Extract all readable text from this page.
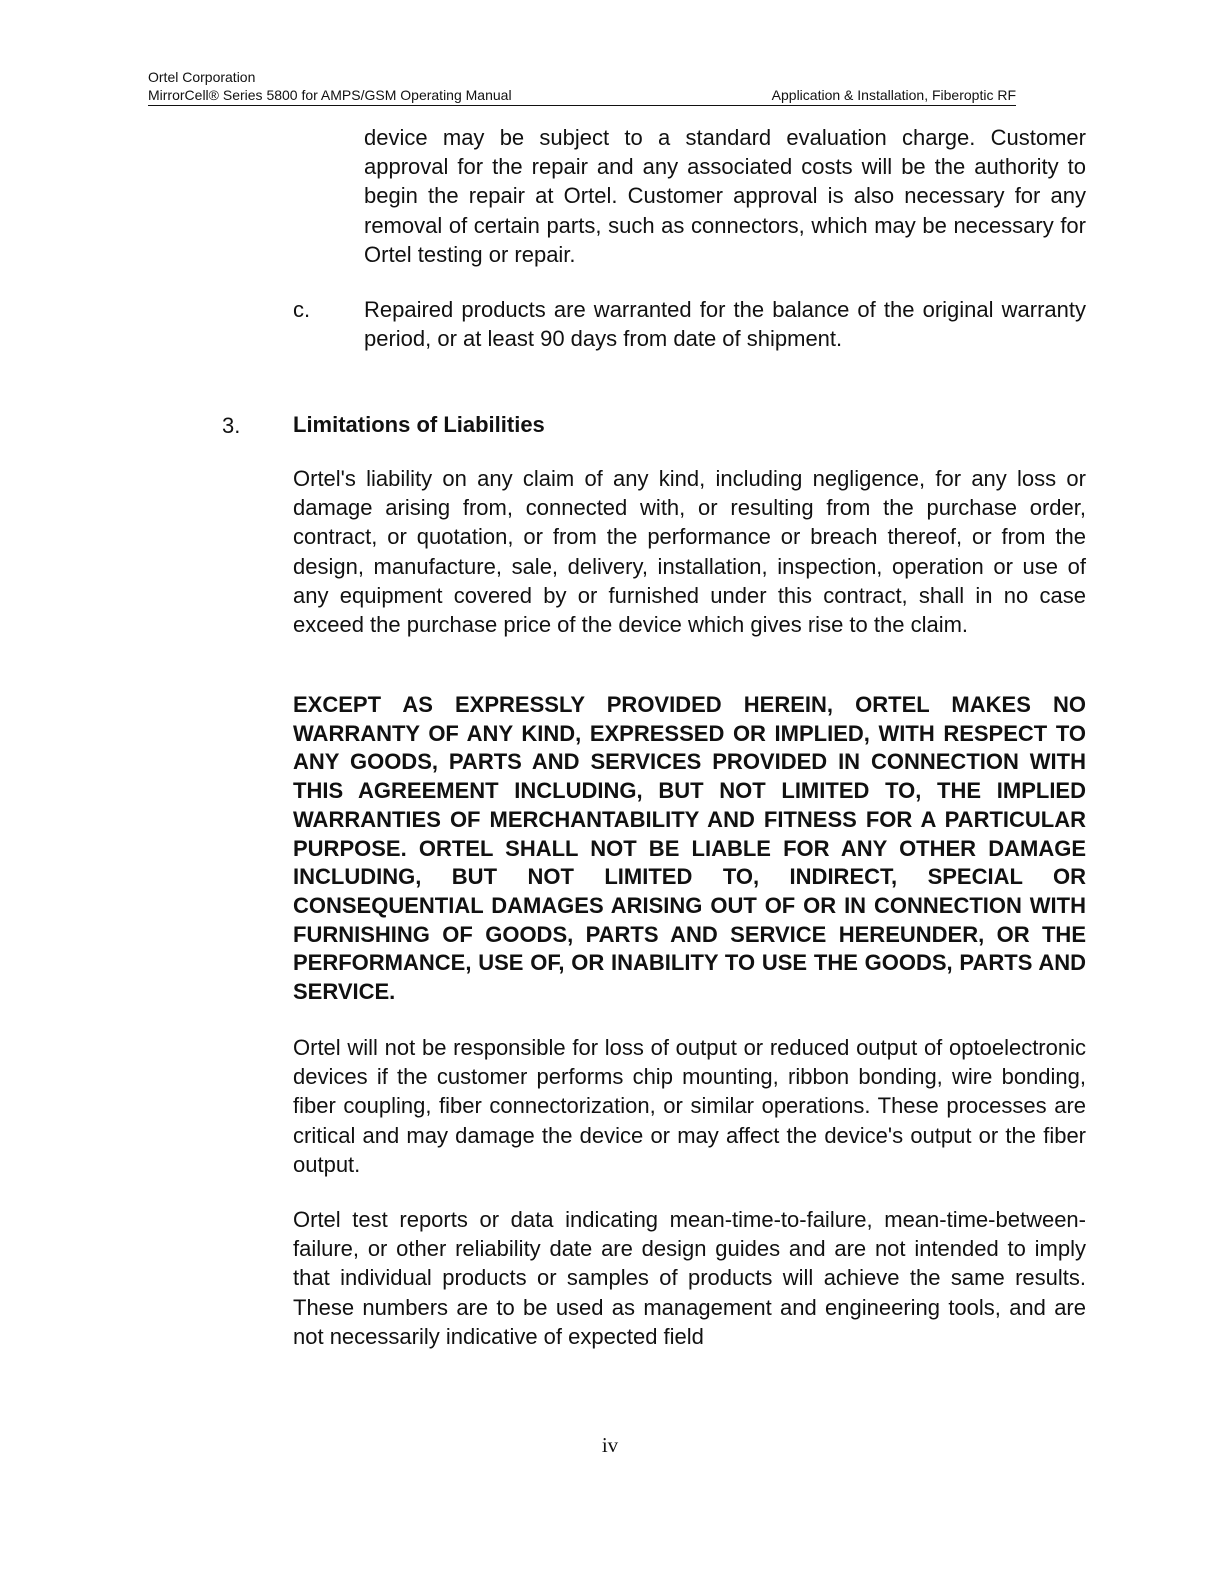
Ortel Corporation
MirrorCell® Series 5800 for AMPS/GSM Operating Manual	Application & Installation, Fiberoptic RF

device may be subject to a standard evaluation charge. Customer approval for the repair and any associated costs will be the authority to begin the repair at Ortel. Customer approval is also necessary for any removal of certain parts, such as connectors, which may be necessary for Ortel testing or repair.

c. Repaired products are warranted for the balance of the original warranty period, or at least 90 days from date of shipment.

3. Limitations of Liabilities

Ortel's liability on any claim of any kind, including negligence, for any loss or damage arising from, connected with, or resulting from the purchase order, contract, or quotation, or from the performance or breach thereof, or from the design, manufacture, sale, delivery, installation, inspection, operation or use of any equipment covered by or furnished under this contract, shall in no case exceed the purchase price of the device which gives rise to the claim.

EXCEPT AS EXPRESSLY PROVIDED HEREIN, ORTEL MAKES NO WARRANTY OF ANY KIND, EXPRESSED OR IMPLIED, WITH RESPECT TO ANY GOODS, PARTS AND SERVICES PROVIDED IN CONNECTION WITH THIS AGREEMENT INCLUDING, BUT NOT LIMITED TO, THE IMPLIED WARRANTIES OF MERCHANTABILITY AND FITNESS FOR A PARTICULAR PURPOSE. ORTEL SHALL NOT BE LIABLE FOR ANY OTHER DAMAGE INCLUDING, BUT NOT LIMITED TO, INDIRECT, SPECIAL OR CONSEQUENTIAL DAMAGES ARISING OUT OF OR IN CONNECTION WITH FURNISHING OF GOODS, PARTS AND SERVICE HEREUNDER, OR THE PERFORMANCE, USE OF, OR INABILITY TO USE THE GOODS, PARTS AND SERVICE.

Ortel will not be responsible for loss of output or reduced output of optoelectronic devices if the customer performs chip mounting, ribbon bonding, wire bonding, fiber coupling, fiber connectorization, or similar operations. These processes are critical and may damage the device or may affect the device's output or the fiber output.

Ortel test reports or data indicating mean-time-to-failure, mean-time-between-failure, or other reliability date are design guides and are not intended to imply that individual products or samples of products will achieve the same results. These numbers are to be used as management and engineering tools, and are not necessarily indicative of expected field

iv
